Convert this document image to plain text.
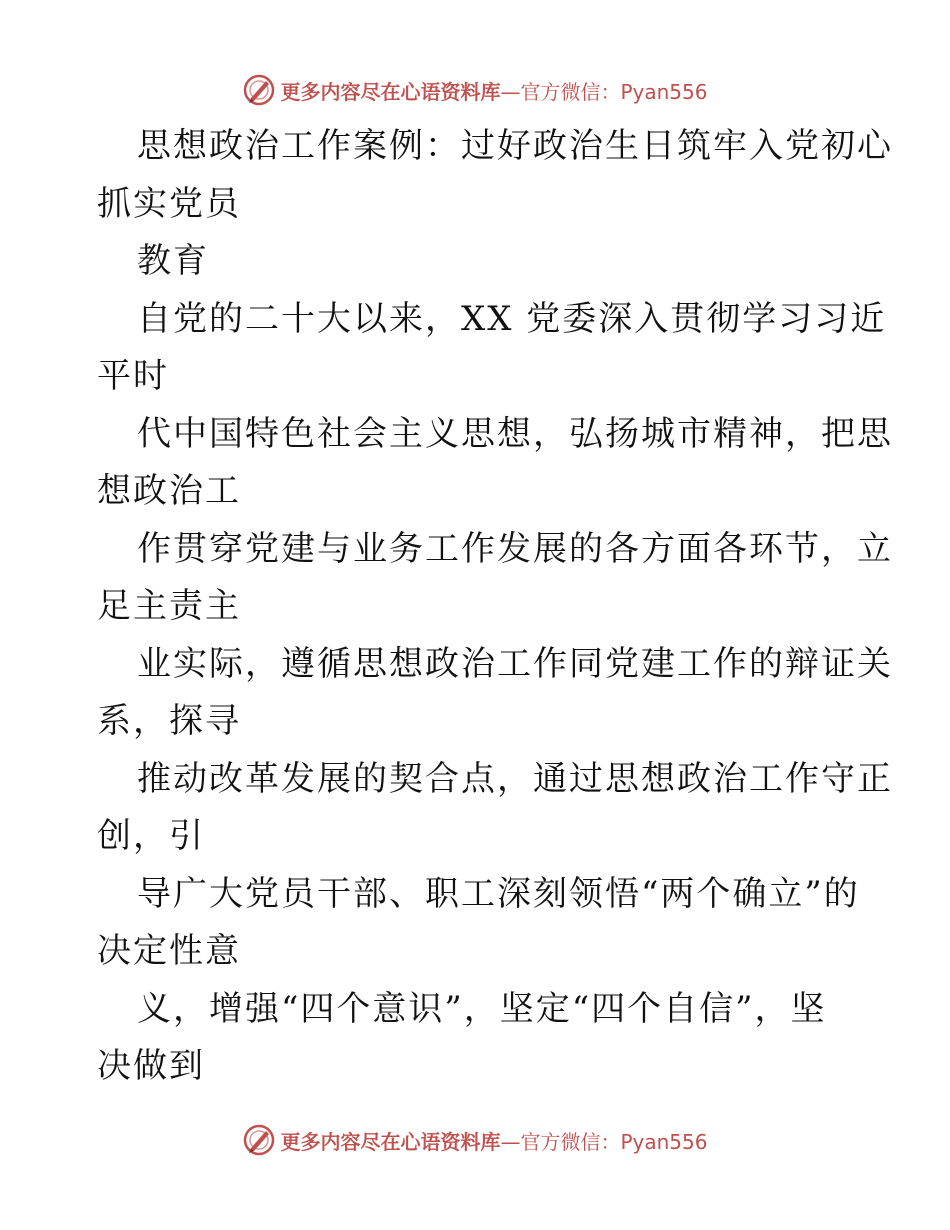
更多内容尽在心语资料库 —官方微信：Pyan556
思想政治工作案例：过好政治生日筑牢入党初心
抓实党员
教育
自党的二十大以来，XX 党委深入贯彻学习习近
平时
代中国特色社会主义思想，弘扬城市精神，把思
想政治工
作贯穿党建与业务工作发展的各方面各环节，立
足主责主
业实际，遵循思想政治工作同党建工作的辩证关
系，探寻
推动改革发展的契合点，通过思想政治工作守正
创，引
导广大党员干部、职工深刻领悟“两个确立”的
决定性意
义，增强“四个意识”，坚定“四个自信”，坚
决做到
更多内容尽在心语资料库 —官方微信：Pyan556
